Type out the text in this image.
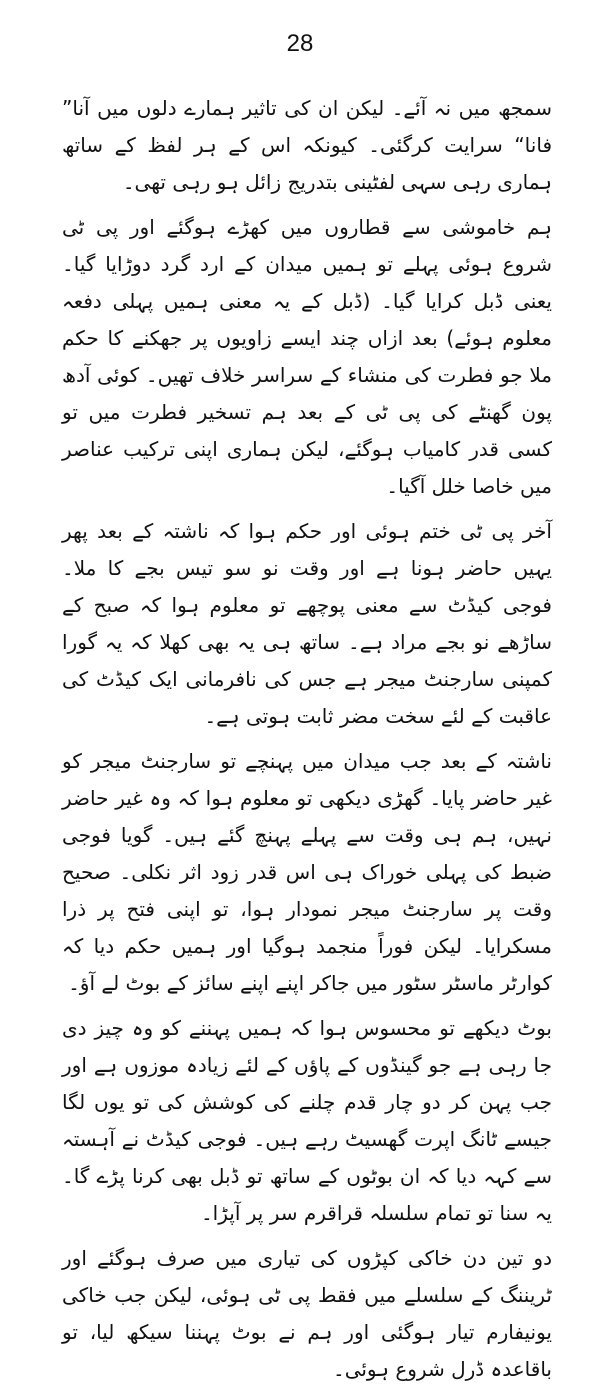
28

سمجھ میں نہ آئے۔ لیکن ان کی تاثیر ہمارے دلوں میں آنا” فانا“ سرایت کرگئی۔ کیونکہ اس کے ہر لفظ کے ساتھ ہماری رہی سہی لفٹینی بتدریج زائل ہو رہی تھی۔

ہم خاموشی سے قطاروں میں کھڑے ہوگئے اور پی ٹی شروع ہوئی پہلے تو ہمیں میدان کے ارد گرد دوڑایا گیا۔ یعنی ڈبل کرایا گیا۔ (ڈبل کے یہ معنی ہمیں پہلی دفعہ معلوم ہوئے) بعد ازاں چند ایسے زاویوں پر جھکنے کا حکم ملا جو فطرت کی منشاء کے سراسر خلاف تھیں۔ کوئی آدھ پون گھنٹے کی پی ٹی کے بعد ہم تسخیر فطرت میں تو کسی قدر کامیاب ہوگئے، لیکن ہماری اپنی ترکیب عناصر میں خاصا خلل آگیا۔

آخر پی ٹی ختم ہوئی اور حکم ہوا کہ ناشتہ کے بعد پھر یہیں حاضر ہونا ہے اور وقت نو سو تیس بجے کا ملا۔ فوجی کیڈٹ سے معنی پوچھے تو معلوم ہوا کہ صبح کے ساڑھے نو بجے مراد ہے۔ ساتھ ہی یہ بھی کھلا کہ یہ گورا کمپنی سارجنٹ میجر ہے جس کی نافرمانی ایک کیڈٹ کی عاقبت کے لئے سخت مضر ثابت ہوتی ہے۔

ناشتہ کے بعد جب میدان میں پہنچے تو سارجنٹ میجر کو غیر حاضر پایا۔ گھڑی دیکھی تو معلوم ہوا کہ وہ غیر حاضر نہیں، ہم ہی وقت سے پہلے پہنچ گئے ہیں۔ گویا فوجی ضبط کی پہلی خوراک ہی اس قدر زود اثر نکلی۔ صحیح وقت پر سارجنٹ میجر نمودار ہوا، تو اپنی فتح پر ذرا مسکرایا۔ لیکن فوراً منجمد ہوگیا اور ہمیں حکم دیا کہ کوارٹر ماسٹر سٹور میں جاکر اپنے اپنے سائز کے بوٹ لے آؤ۔

بوٹ دیکھے تو محسوس ہوا کہ ہمیں پہننے کو وہ چیز دی جا رہی ہے جو گینڈوں کے پاؤں کے لئے زیادہ موزوں ہے اور جب پہن کر دو چار قدم چلنے کی کوشش کی تو یوں لگا جیسے ٹانگ اپرت گھسیٹ رہے ہیں۔ فوجی کیڈٹ نے آہستہ سے کہہ دیا کہ ان بوٹوں کے ساتھ تو ڈبل بھی کرنا پڑے گا۔ یہ سنا تو تمام سلسلہ قراقرم سر پر آپڑا۔

دو تین دن خاکی کپڑوں کی تیاری میں صرف ہوگئے اور ٹریننگ کے سلسلے میں فقط پی ٹی ہوئی، لیکن جب خاکی یونیفارم تیار ہوگئی اور ہم نے بوٹ پہننا سیکھ لیا، تو باقاعدہ ڈرل شروع ہوئی۔
